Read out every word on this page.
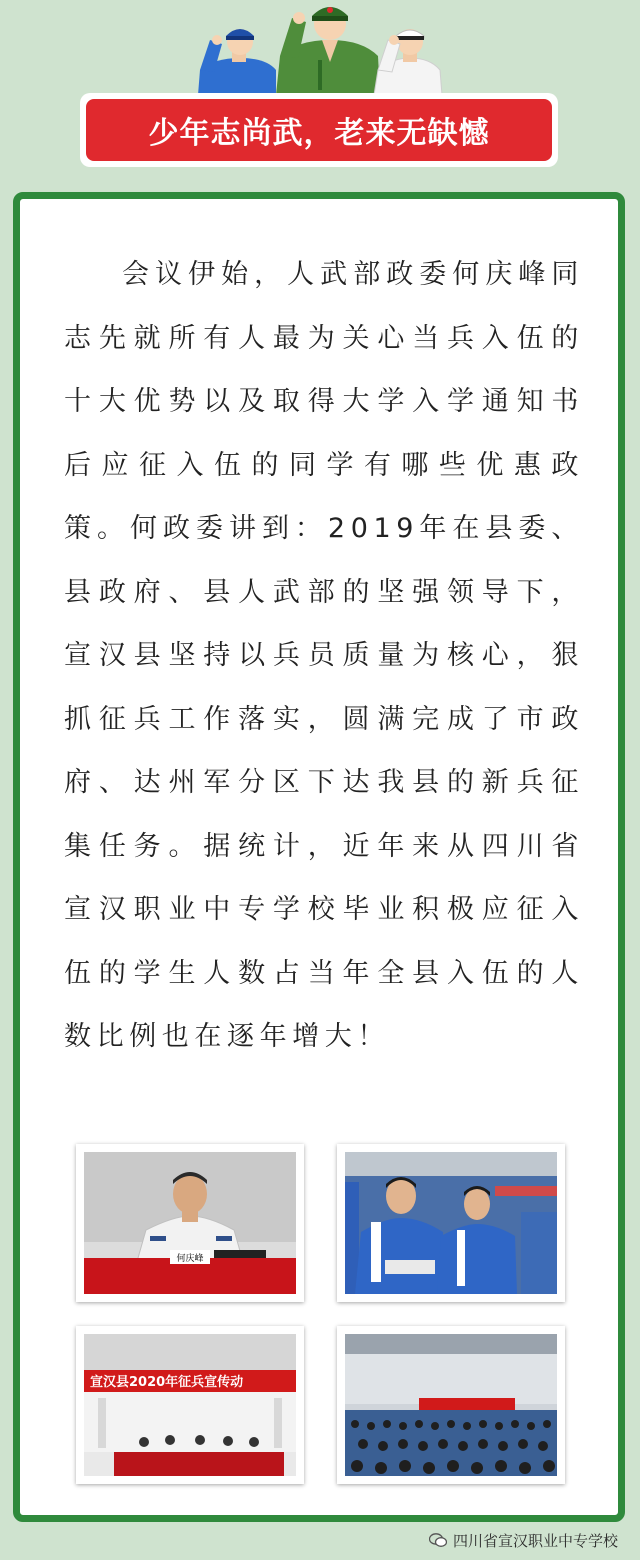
少年志尚武，老来无缺憾

会议伊始，人武部政委何庆峰同志先就所有人最为关心当兵入伍的十大优势以及取得大学入学通知书后应征入伍的同学有哪些优惠政策。何政委讲到：2019年在县委、县政府、县人武部的坚强领导下，宣汉县坚持以兵员质量为核心，狠抓征兵工作落实，圆满完成了市政府、达州军分区下达我县的新兵征集任务。据统计，近年来从四川省宣汉职业中专学校毕业积极应征入伍的学生人数占当年全县入伍的人数比例也在逐年增大！

何庆峰
宣汉县2020年征兵宣传动
四川省宣汉职业中专学校
